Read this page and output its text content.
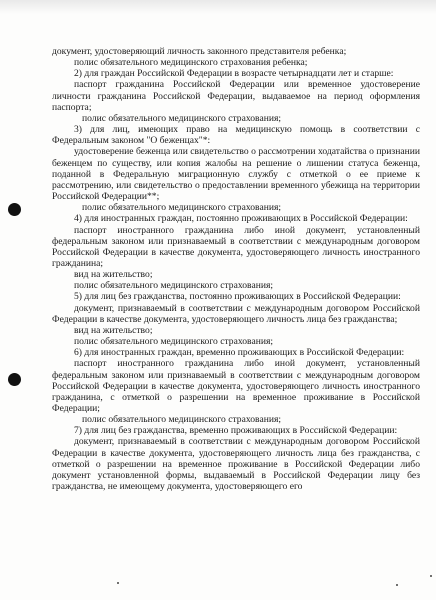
документ, удостоверяющий личность законного представителя ребенка;

полис обязательного медицинского страхования ребенка;

2) для граждан Российской Федерации в возрасте четырнадцати лет и старше:

паспорт гражданина Российской Федерации или временное удостоверение личности гражданина Российской Федерации, выдаваемое на период оформления паспорта;

полис обязательного медицинского страхования;

3) для лиц, имеющих право на медицинскую помощь в соответствии с Федеральным законом "О беженцах"*:

удостоверение беженца или свидетельство о рассмотрении ходатайства о признании беженцем по существу, или копия жалобы на решение о лишении статуса беженца, поданной в Федеральную миграционную службу с отметкой о ее приеме к рассмотрению, или свидетельство о предоставлении временного убежища на территории Российской Федерации**;

полис обязательного медицинского страхования;

4) для иностранных граждан, постоянно проживающих в Российской Федерации:

паспорт иностранного гражданина либо иной документ, установленный федеральным законом или признаваемый в соответствии с международным договором Российской Федерации в качестве документа, удостоверяющего личность иностранного гражданина;

вид на жительство;

полис обязательного медицинского страхования;

5) для лиц без гражданства, постоянно проживающих в Российской Федерации:

документ, признаваемый в соответствии с международным договором Российской Федерации в качестве документа, удостоверяющего личность лица без гражданства;

вид на жительство;

полис обязательного медицинского страхования;

6) для иностранных граждан, временно проживающих в Российской Федерации:

паспорт иностранного гражданина либо иной документ, установленный федеральным законом или признаваемый в соответствии с международным договором Российской Федерации в качестве документа, удостоверяющего личность иностранного гражданина, с отметкой о разрешении на временное проживание в Российской Федерации;

полис обязательного медицинского страхования;

7) для лиц без гражданства, временно проживающих в Российской Федерации:

документ, признаваемый в соответствии с международным договором Российской Федерации в качестве документа, удостоверяющего личность лица без гражданства, с отметкой о разрешении на временное проживание в Российской Федерации либо документ установленной формы, выдаваемый в Российской Федерации лицу без гражданства, не имеющему документа, удостоверяющего его
